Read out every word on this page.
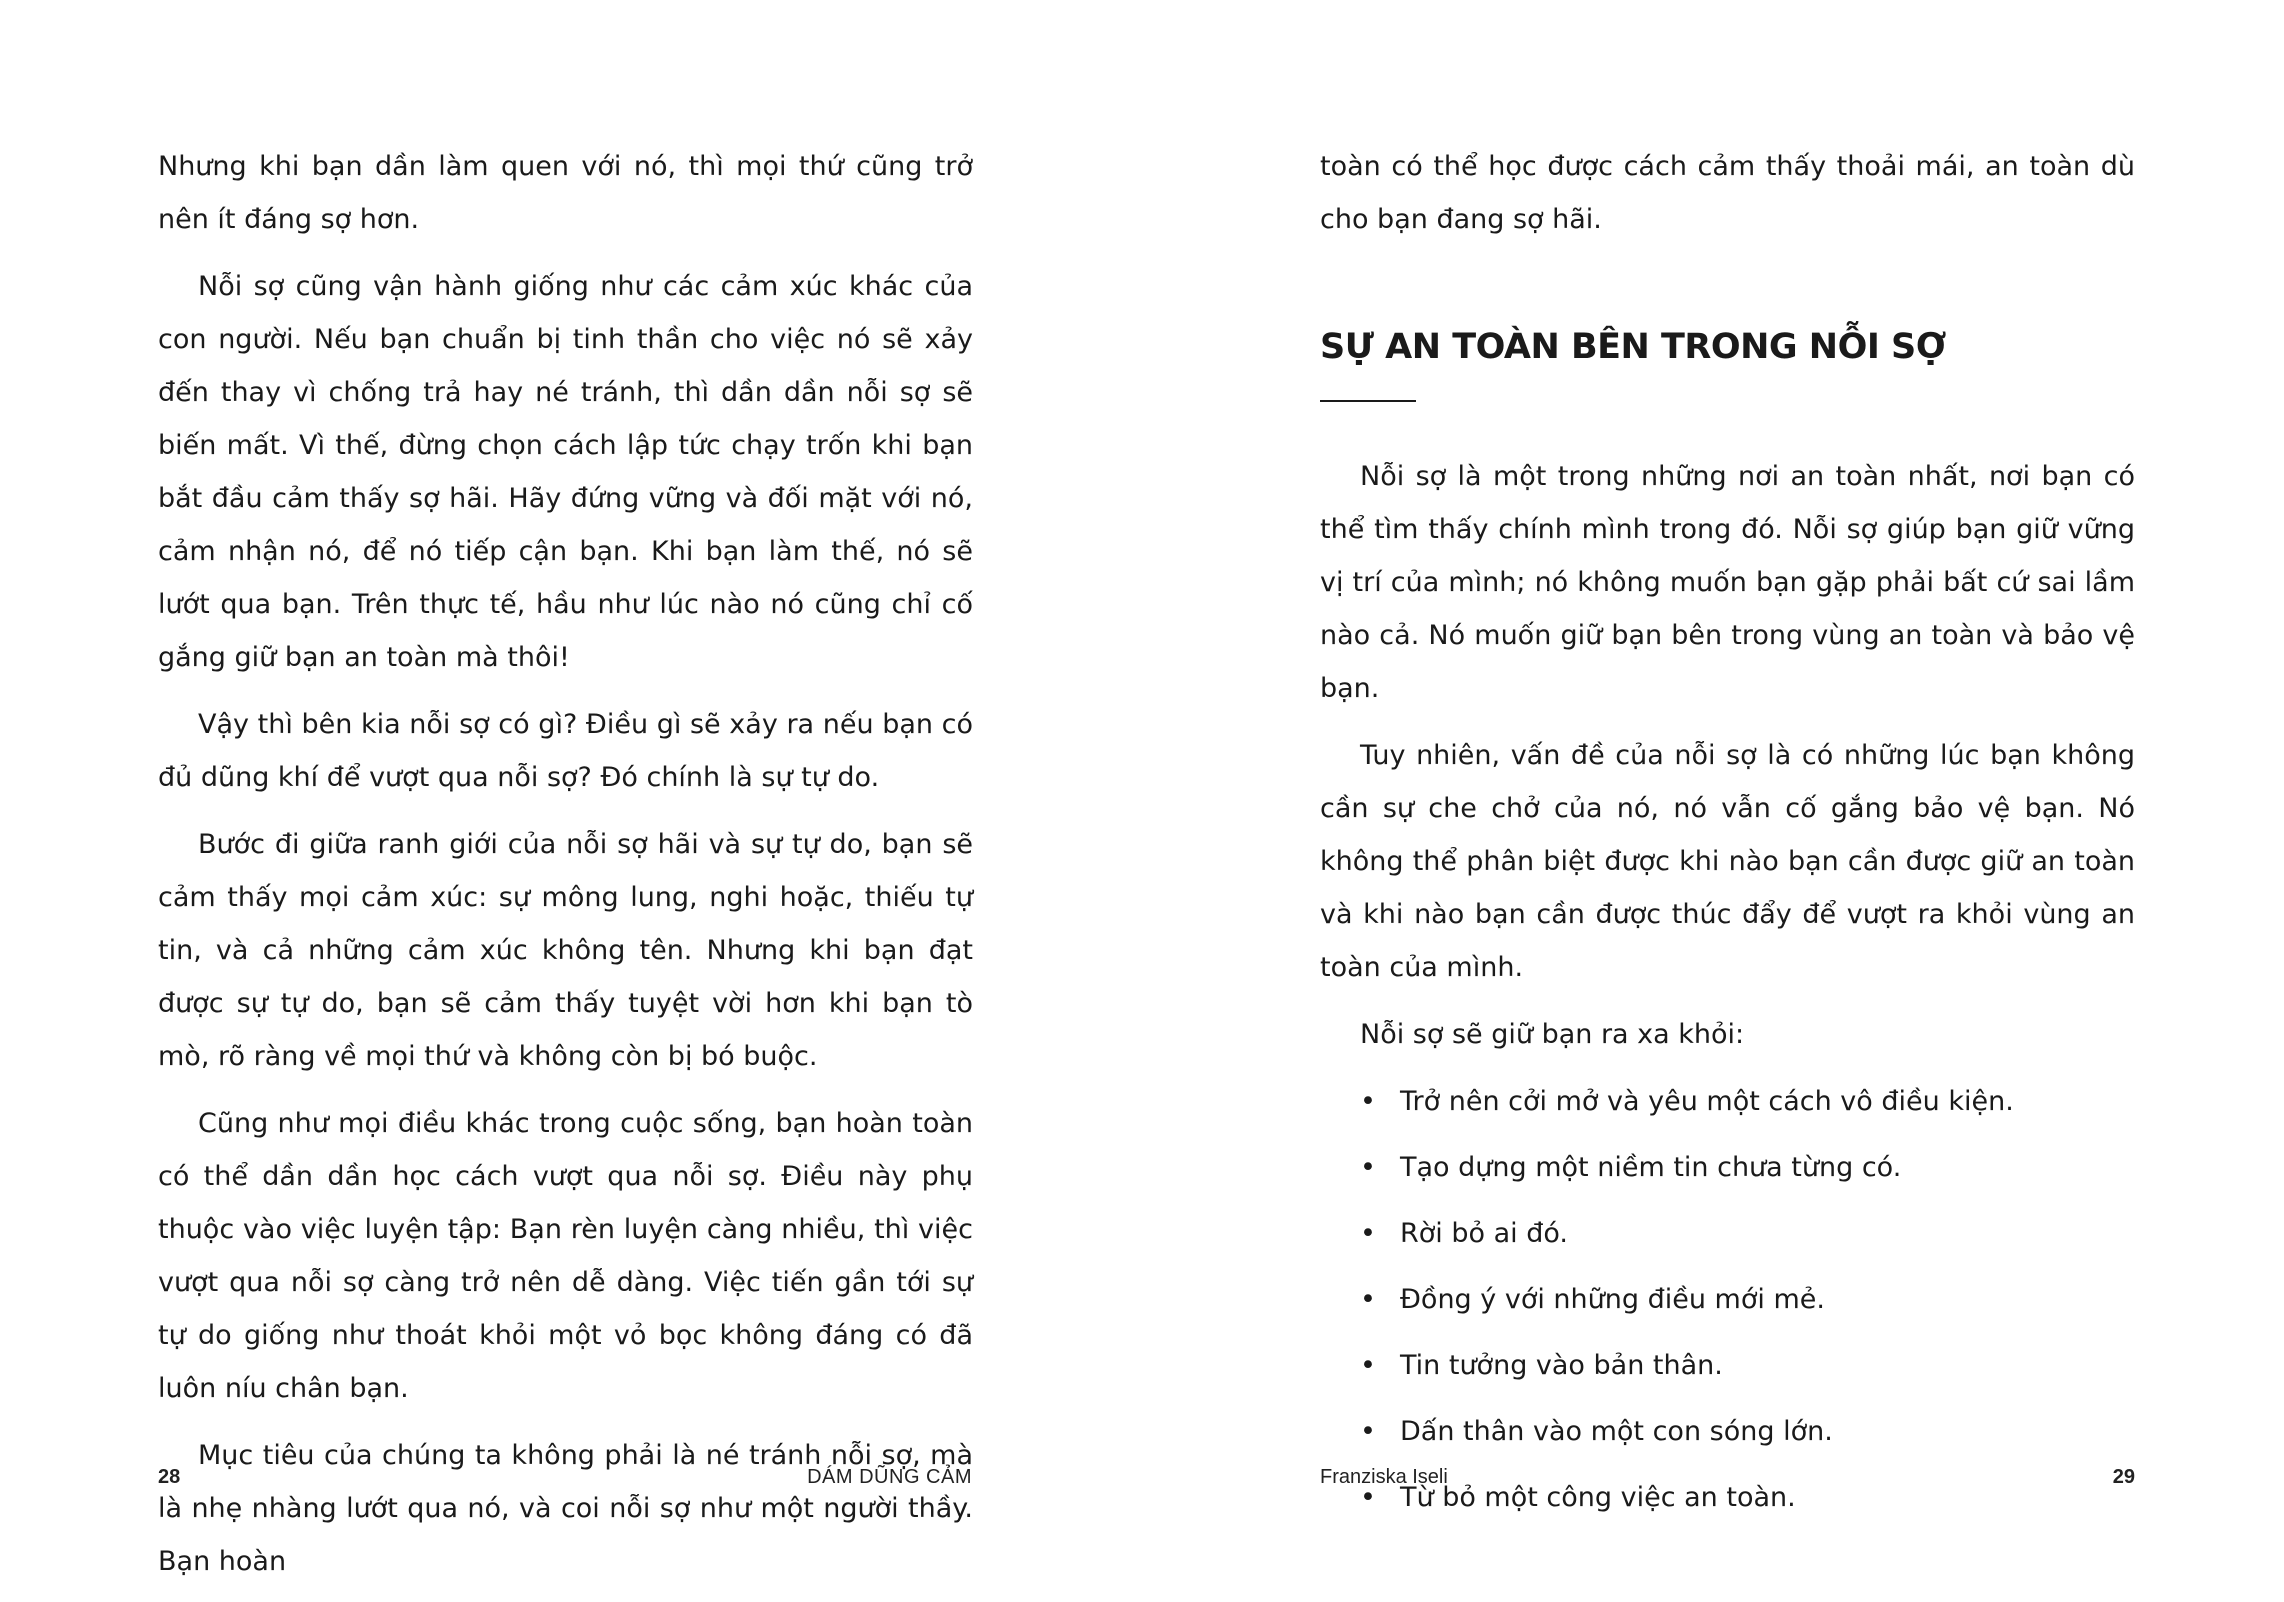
Nhưng khi bạn dần làm quen với nó, thì mọi thứ cũng trở nên ít đáng sợ hơn.

Nỗi sợ cũng vận hành giống như các cảm xúc khác của con người. Nếu bạn chuẩn bị tinh thần cho việc nó sẽ xảy đến thay vì chống trả hay né tránh, thì dần dần nỗi sợ sẽ biến mất. Vì thế, đừng chọn cách lập tức chạy trốn khi bạn bắt đầu cảm thấy sợ hãi. Hãy đứng vững và đối mặt với nó, cảm nhận nó, để nó tiếp cận bạn. Khi bạn làm thế, nó sẽ lướt qua bạn. Trên thực tế, hầu như lúc nào nó cũng chỉ cố gắng giữ bạn an toàn mà thôi!

Vậy thì bên kia nỗi sợ có gì? Điều gì sẽ xảy ra nếu bạn có đủ dũng khí để vượt qua nỗi sợ? Đó chính là sự tự do.

Bước đi giữa ranh giới của nỗi sợ hãi và sự tự do, bạn sẽ cảm thấy mọi cảm xúc: sự mông lung, nghi hoặc, thiếu tự tin, và cả những cảm xúc không tên. Nhưng khi bạn đạt được sự tự do, bạn sẽ cảm thấy tuyệt vời hơn khi bạn tò mò, rõ ràng về mọi thứ và không còn bị bó buộc.

Cũng như mọi điều khác trong cuộc sống, bạn hoàn toàn có thể dần dần học cách vượt qua nỗi sợ. Điều này phụ thuộc vào việc luyện tập: Bạn rèn luyện càng nhiều, thì việc vượt qua nỗi sợ càng trở nên dễ dàng. Việc tiến gần tới sự tự do giống như thoát khỏi một vỏ bọc không đáng có đã luôn níu chân bạn.

Mục tiêu của chúng ta không phải là né tránh nỗi sợ, mà là nhẹ nhàng lướt qua nó, và coi nỗi sợ như một người thầy. Bạn hoàn

28	DÁM DŨNG CẢM

toàn có thể học được cách cảm thấy thoải mái, an toàn dù cho bạn đang sợ hãi.

SỰ AN TOÀN BÊN TRONG NỖI SỢ

Nỗi sợ là một trong những nơi an toàn nhất, nơi bạn có thể tìm thấy chính mình trong đó. Nỗi sợ giúp bạn giữ vững vị trí của mình; nó không muốn bạn gặp phải bất cứ sai lầm nào cả. Nó muốn giữ bạn bên trong vùng an toàn và bảo vệ bạn.

Tuy nhiên, vấn đề của nỗi sợ là có những lúc bạn không cần sự che chở của nó, nó vẫn cố gắng bảo vệ bạn. Nó không thể phân biệt được khi nào bạn cần được giữ an toàn và khi nào bạn cần được thúc đẩy để vượt ra khỏi vùng an toàn của mình.

Nỗi sợ sẽ giữ bạn ra xa khỏi:

• Trở nên cởi mở và yêu một cách vô điều kiện.
• Tạo dựng một niềm tin chưa từng có.
• Rời bỏ ai đó.
• Đồng ý với những điều mới mẻ.
• Tin tưởng vào bản thân.
• Dấn thân vào một con sóng lớn.
• Từ bỏ một công việc an toàn.
Franziska Iseli	29
